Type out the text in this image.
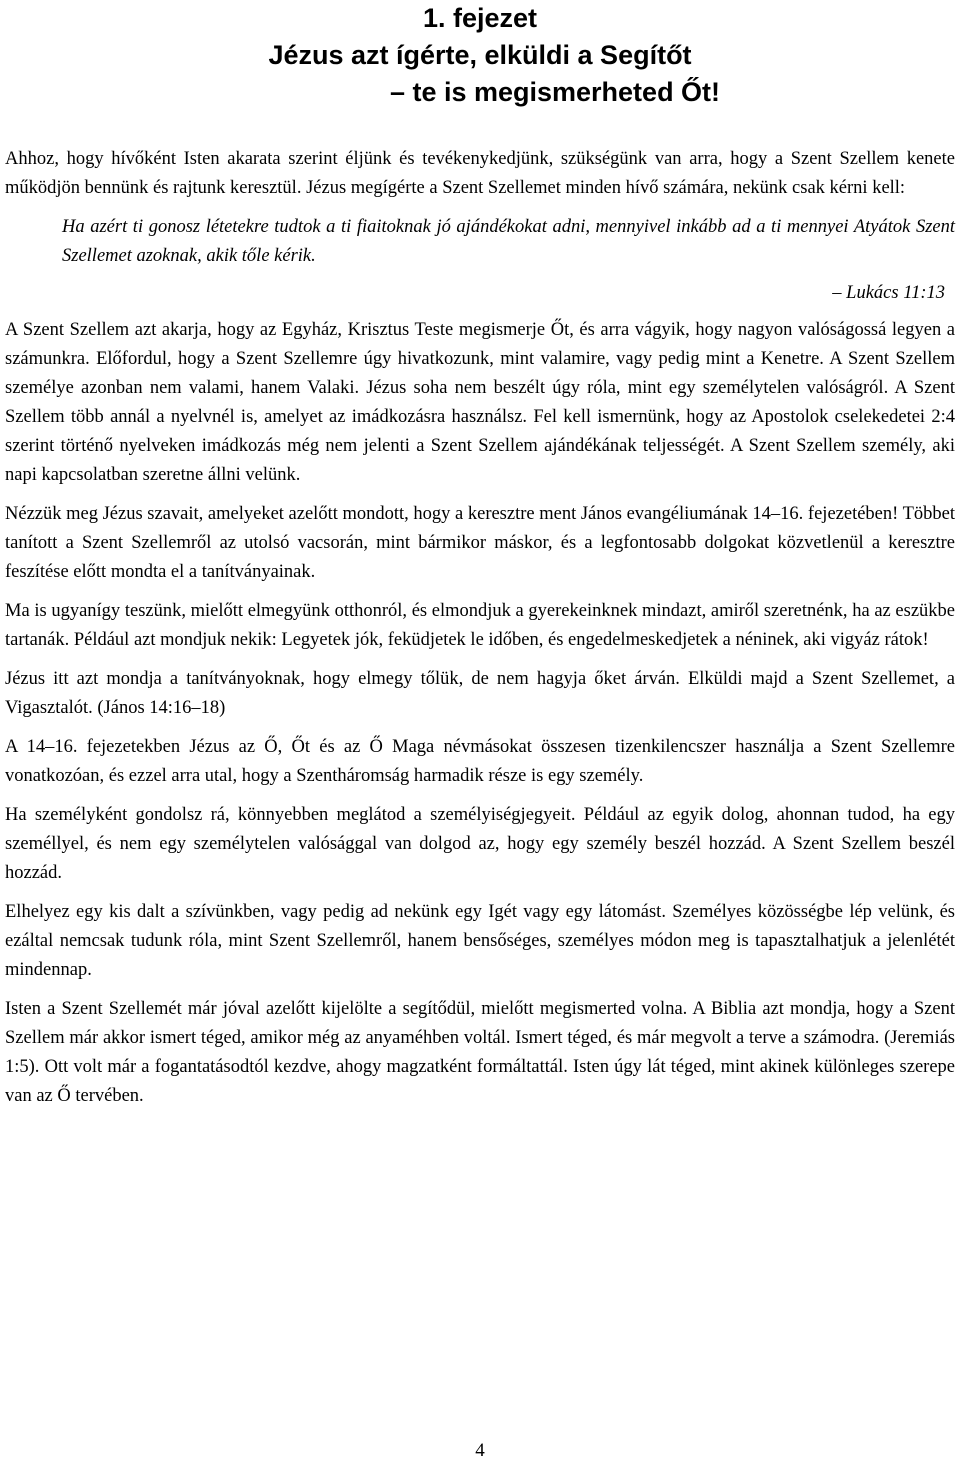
1. fejezet
Jézus azt ígérte, elküldi a Segítőt
– te is megismerheted Őt!

Ahhoz, hogy hívőként Isten akarata szerint éljünk és tevékenykedjünk, szükségünk van arra, hogy a Szent Szellem kenete működjön bennünk és rajtunk keresztül. Jézus megígérte a Szent Szellemet minden hívő számára, nekünk csak kérni kell:

Ha azért ti gonosz létetekre tudtok a ti fiaitoknak jó ajándékokat adni, mennyivel inkább ad a ti mennyei Atyátok Szent Szellemet azoknak, akik tőle kérik.

– Lukács 11:13

A Szent Szellem azt akarja, hogy az Egyház, Krisztus Teste megismerje Őt, és arra vágyik, hogy nagyon valóságossá legyen a számunkra. Előfordul, hogy a Szent Szellemre úgy hivatkozunk, mint valamire, vagy pedig mint a Kenetre. A Szent Szellem személye azonban nem valami, hanem Valaki. Jézus soha nem beszélt úgy róla, mint egy személytelen valóságról. A Szent Szellem több annál a nyelvnél is, amelyet az imádkozásra használsz. Fel kell ismernünk, hogy az Apostolok cselekedetei 2:4 szerint történő nyelveken imádkozás még nem jelenti a Szent Szellem ajándékának teljességét. A Szent Szellem személy, aki napi kapcsolatban szeretne állni velünk.

Nézzük meg Jézus szavait, amelyeket azelőtt mondott, hogy a keresztre ment János evangéliumának 14–16. fejezetében! Többet tanított a Szent Szellemről az utolsó vacsorán, mint bármikor máskor, és a legfontosabb dolgokat közvetlenül a keresztre feszítése előtt mondta el a tanítványainak.

Ma is ugyanígy teszünk, mielőtt elmegyünk otthonról, és elmondjuk a gyerekeinknek mindazt, amiről szeretnénk, ha az eszükbe tartanák. Például azt mondjuk nekik: Legyetek jók, feküdjetek le időben, és engedelmeskedjetek a néninek, aki vigyáz rátok!

Jézus itt azt mondja a tanítványoknak, hogy elmegy tőlük, de nem hagyja őket árván. Elküldi majd a Szent Szellemet, a Vigasztalót. (János 14:16–18)

A 14–16. fejezetekben Jézus az Ő, Őt és az Ő Maga névmásokat összesen tizenkilencszer használja a Szent Szellemre vonatkozóan, és ezzel arra utal, hogy a Szentháromság harmadik része is egy személy.

Ha személyként gondolsz rá, könnyebben meglátod a személyiségjegyeit. Például az egyik dolog, ahonnan tudod, ha egy személlyel, és nem egy személytelen valósággal van dolgod az, hogy egy személy beszél hozzád. A Szent Szellem beszél hozzád.

Elhelyez egy kis dalt a szívünkben, vagy pedig ad nekünk egy Igét vagy egy látomást. Személyes közösségbe lép velünk, és ezáltal nemcsak tudunk róla, mint Szent Szellemről, hanem bensőséges, személyes módon meg is tapasztalhatjuk a jelenlétét mindennap.

Isten a Szent Szellemét már jóval azelőtt kijelölte a segítődül, mielőtt megismerted volna. A Biblia azt mondja, hogy a Szent Szellem már akkor ismert téged, amikor még az anyaméhben voltál. Ismert téged, és már megvolt a terve a számodra. (Jeremiás 1:5). Ott volt már a fogantatásodtól kezdve, ahogy magzatként formáltattál. Isten úgy lát téged, mint akinek különleges szerepe van az Ő tervében.

4
